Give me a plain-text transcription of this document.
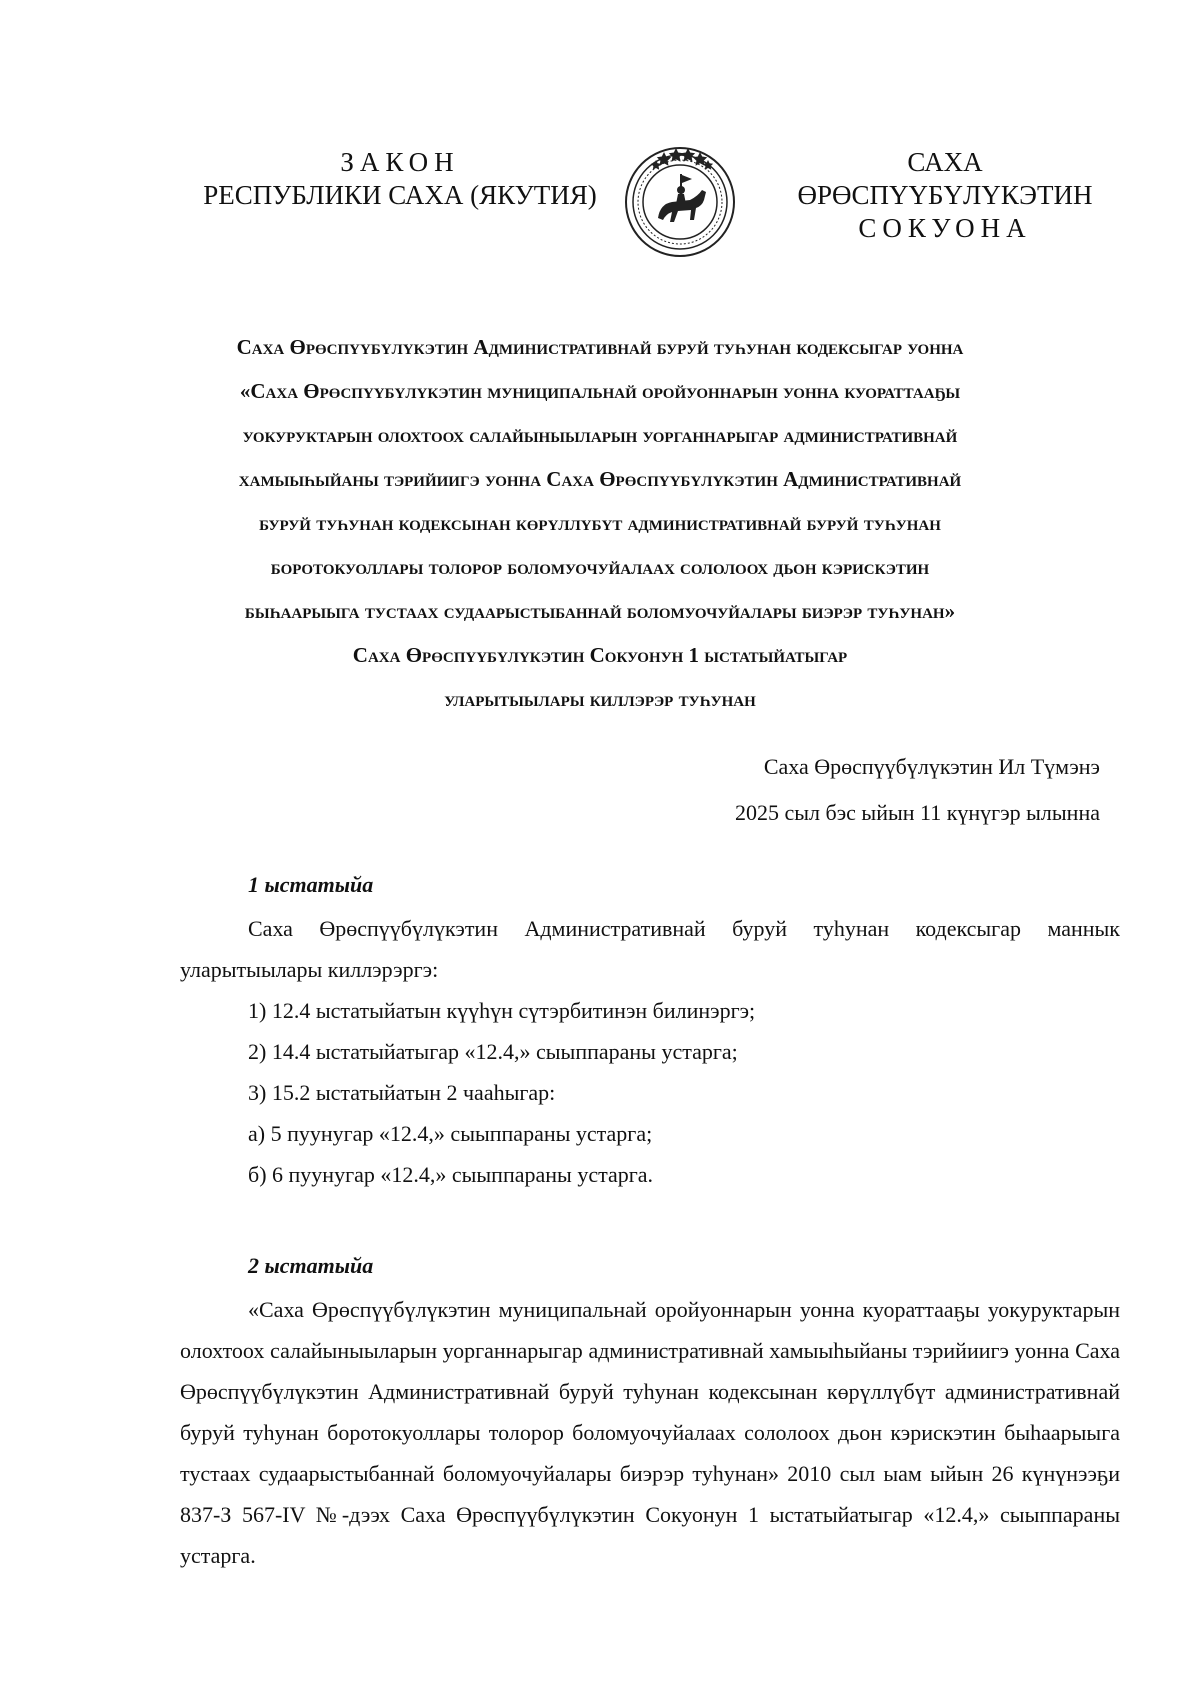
ЗАКОН
РЕСПУБЛИКИ САХА (ЯКУТИЯ)
САХА ӨРӨСПҮҮБҮЛҮКЭТИН
СОКУОНА
Саха Өрөспүүбүлүкэтин Административнай буруй туһунан кодексыгар уонна
«Саха Өрөспүүбүлүкэтин муниципальнай оройуоннарын уонна куораттааҕы
уокуруктарын олохтоох салайыныыларын уорганнарыгар административнай
хамыыһыйаны тэрийиигэ уонна Саха Өрөспүүбүлүкэтин Административнай
буруй туһунан кодексынан көрүллүбүт административнай буруй туһунан
боротокуоллары толорор боломуочуйалаах сололоох дьон кэрискэтин
быһаарыыга тустаах судаарыстыбаннай боломуочуйалары биэрэр туһунан»
Саха Өрөспүүбүлүкэтин Сокуонун 1 ыстатыйатыгар
уларытыылары киллэрэр туһунан
Саха Өрөспүүбүлүкэтин Ил Түмэнэ
2025 сыл бэс ыйын 11 күнүгэр ылынна
1 ыстатыйа
Саха Өрөспүүбүлүкэтин Административнай буруй туһунан кодексыгар маннык уларытыылары киллэрэргэ:
1) 12.4 ыстатыйатын күүһүн сүтэрбитинэн билинэргэ;
2) 14.4 ыстатыйатыгар «12.4,» сыыппараны устарга;
3) 15.2 ыстатыйатын 2 чааһыгар:
а) 5 пуунугар «12.4,» сыыппараны устарга;
б) 6 пуунугар «12.4,» сыыппараны устарга.
2 ыстатыйа
«Саха Өрөспүүбүлүкэтин муниципальнай оройуоннарын уонна куораттааҕы уокуруктарын олохтоох салайыныыларын уорганнарыгар административнай хамыыһыйаны тэрийиигэ уонна Саха Өрөспүүбүлүкэтин Административнай буруй туһунан кодексынан көрүллүбүт административнай буруй туһунан боротокуоллары толорор боломуочуйалаах сололоох дьон кэрискэтин быһаарыыга тустаах судаарыстыбаннай боломуочуйалары биэрэр туһунан» 2010 сыл ыам ыйын 26 күнүнээҕи 837-З 567-IV №-дээх Саха Өрөспүүбүлүкэтин Сокуонун 1 ыстатыйатыгар «12.4,» сыыппараны устарга.
